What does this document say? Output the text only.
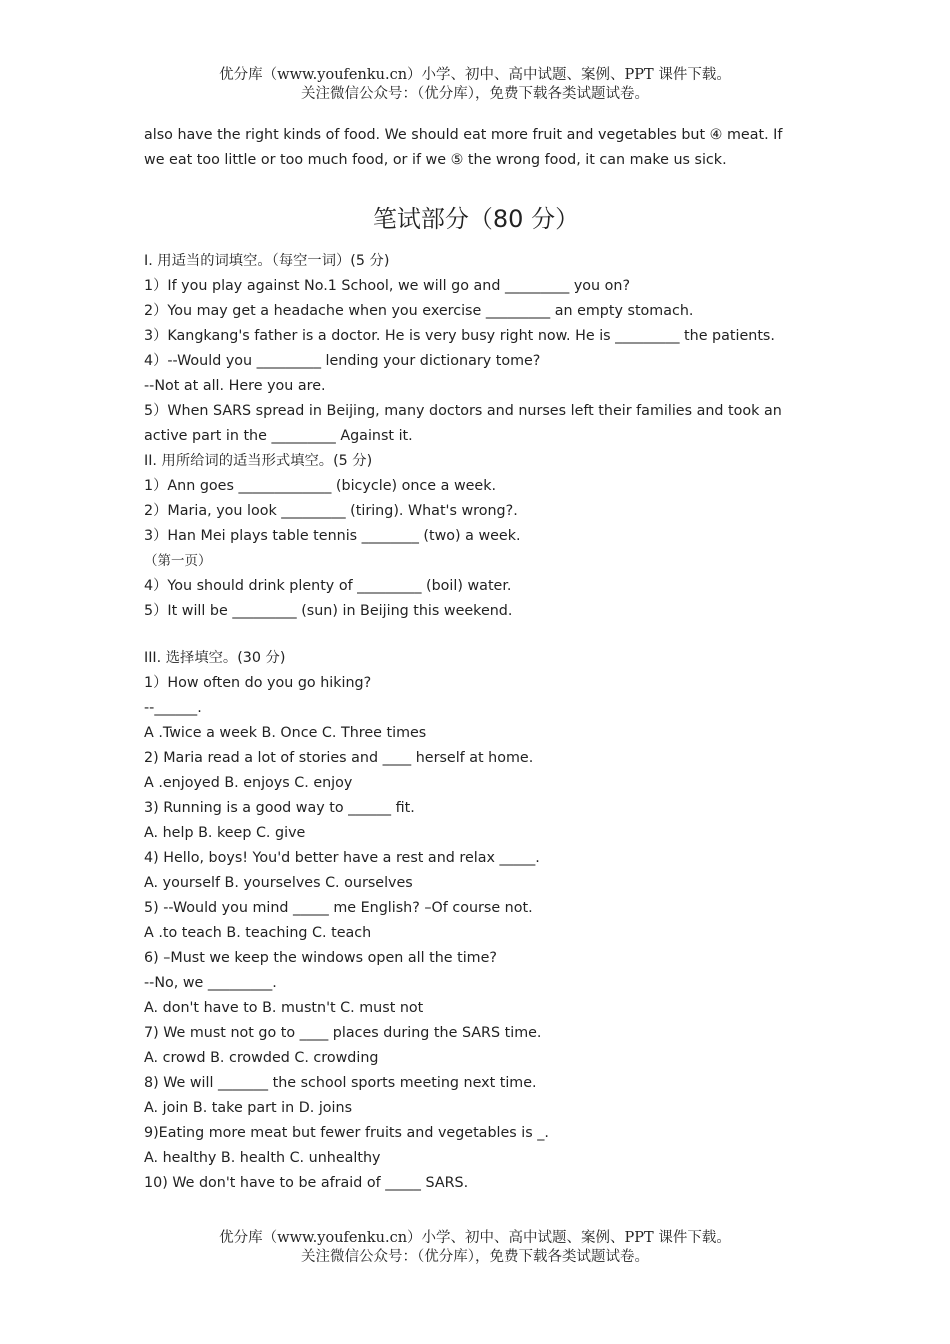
优分库（www.youfenku.cn）小学、初中、高中试题、案例、PPT 课件下载。
关注微信公众号：（优分库），免费下载各类试题试卷。
also have the right kinds of food. We should eat more fruit and vegetables but ④ meat. If
we eat too little or too much food, or if we ⑤ the wrong food, it can make us sick.
笔试部分（80 分）
I. 用适当的词填空。（每空一词）(5 分)
1）If you play against No.1 School, we will go and _________ you on?
2）You may get a headache when you exercise _________ an empty stomach.
3）Kangkang's father is a doctor. He is very busy right now. He is _________ the patients.
4）--Would you _________ lending your dictionary tome?
--Not at all. Here you are.
5）When SARS spread in Beijing, many doctors and nurses left their families and took an
active part in the _________ Against it.
II. 用所给词的适当形式填空。(5 分)
1）Ann goes _____________ (bicycle) once a week.
2）Maria, you look _________ (tiring). What's wrong?.
3）Han Mei plays table tennis ________ (two) a week.
（第一页）
4）You should drink plenty of _________ (boil) water.
5）It will be _________ (sun) in Beijing this weekend.
III. 选择填空。(30 分)
1）How often do you go hiking?
--______.
A .Twice a week B. Once C. Three times
2) Maria read a lot of stories and ____ herself at home.
A .enjoyed B. enjoys C. enjoy
3) Running is a good way to ______ fit.
A. help B. keep C. give
4) Hello, boys! You'd better have a rest and relax _____.
A. yourself B. yourselves C. ourselves
5) --Would you mind _____ me English? –Of course not.
A .to teach B. teaching C. teach
6) –Must we keep the windows open all the time?
--No, we _________.
A. don't have to B. mustn't C. must not
7) We must not go to ____ places during the SARS time.
A. crowd B. crowded C. crowding
8) We will _______ the school sports meeting next time.
A. join B. take part in D. joins
9)Eating more meat but fewer fruits and vegetables is _.
A. healthy B. health C. unhealthy
10) We don't have to be afraid of _____ SARS.
优分库（www.youfenku.cn）小学、初中、高中试题、案例、PPT 课件下载。
关注微信公众号：（优分库），免费下载各类试题试卷。
